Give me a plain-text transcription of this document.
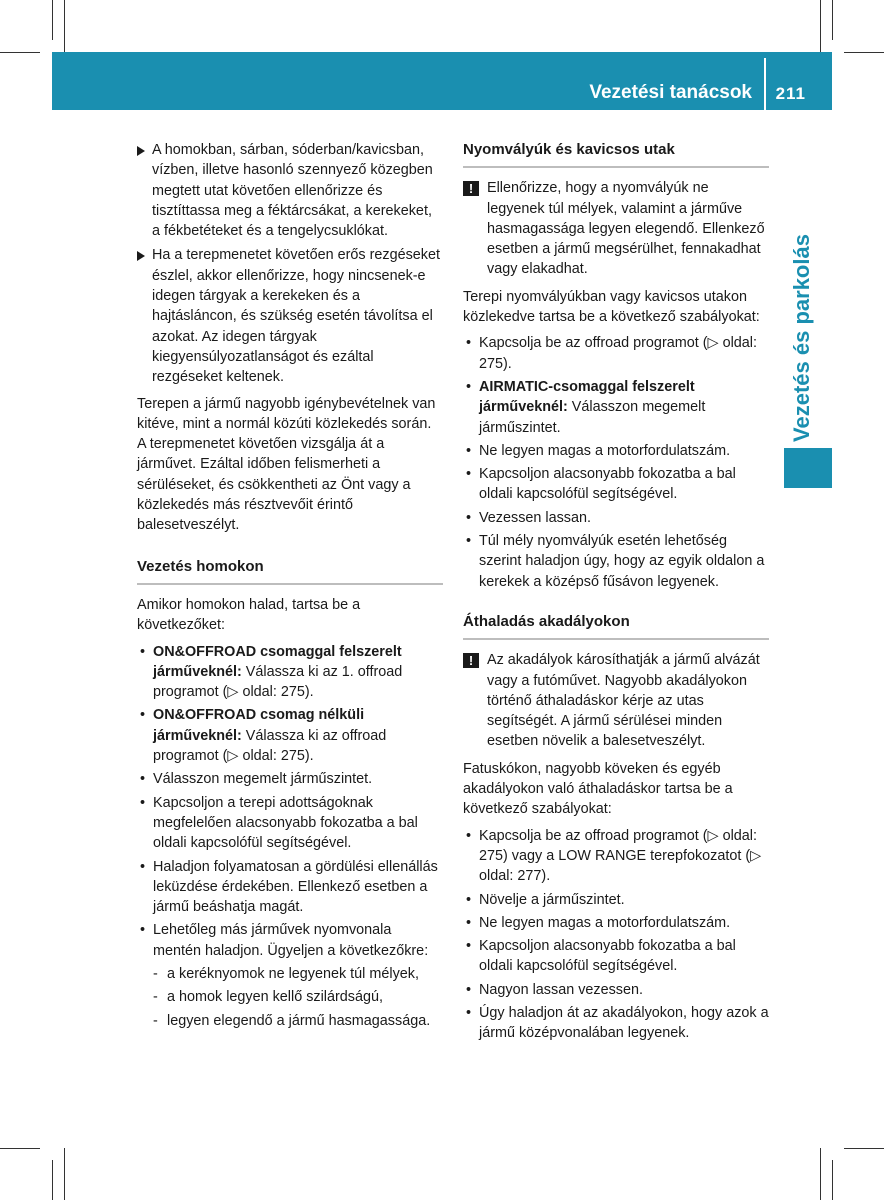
Vezetési tanácsok 211
Vezetés és parkolás

A homokban, sárban, sóderban/kavicsban, vízben, illetve hasonló szennyező közegben megtett utat követően ellenőrizze és tisztíttassa meg a féktárcsákat, a kerekeket, a fékbetéteket és a tengelycsuklókat.

Ha a terepmenetet követően erős rezgéseket észlel, akkor ellenőrizze, hogy nincsenek-e idegen tárgyak a kerekeken és a hajtásláncon, és szükség esetén távolítsa el azokat. Az idegen tárgyak kiegyensúlyozatlanságot és ezáltal rezgéseket keltenek.

Terepen a jármű nagyobb igénybevételnek van kitéve, mint a normál közúti közlekedés során. A terepmenetet követően vizsgálja át a járművet. Ezáltal időben felismerheti a sérüléseket, és csökkentheti az Önt vagy a közlekedés más résztvevőit érintő balesetveszélyt.

Vezetés homokon

Amikor homokon halad, tartsa be a következőket:

• ON&OFFROAD csomaggal felszerelt járműveknél: Válassza ki az 1. offroad programot (▷ oldal: 275).
• ON&OFFROAD csomag nélküli járműveknél: Válassza ki az offroad programot (▷ oldal: 275).
• Válasszon megemelt járműszintet.
• Kapcsoljon a terepi adottságoknak megfelelően alacsonyabb fokozatba a bal oldali kapcsolófül segítségével.
• Haladjon folyamatosan a gördülési ellenállás leküzdése érdekében. Ellenkező esetben a jármű beáshatja magát.
• Lehetőleg más járművek nyomvonala mentén haladjon. Ügyeljen a következőkre:
- a keréknyomok ne legyenek túl mélyek,
- a homok legyen kellő szilárdságú,
- legyen elegendő a jármű hasmagassága.
Nyomvályúk és kavicsos utak
! Ellenőrizze, hogy a nyomvályúk ne legyenek túl mélyek, valamint a járműve hasmagassága legyen elegendő. Ellenkező esetben a jármű megsérülhet, fennakadhat vagy elakadhat.

Terepi nyomvályúkban vagy kavicsos utakon közlekedve tartsa be a következő szabályokat:

• Kapcsolja be az offroad programot (▷ oldal: 275).
• AIRMATIC-csomaggal felszerelt járműveknél: Válasszon megemelt járműszintet.
• Ne legyen magas a motorfordulatszám.
• Kapcsoljon alacsonyabb fokozatba a bal oldali kapcsolófül segítségével.
• Vezessen lassan.
• Túl mély nyomvályúk esetén lehetőség szerint haladjon úgy, hogy az egyik oldalon a kerekek a középső fűsávon legyenek.
Áthaladás akadályokon
! Az akadályok károsíthatják a jármű alvázát vagy a futóművet. Nagyobb akadályokon történő áthaladáskor kérje az utas segítségét. A jármű sérülései minden esetben növelik a balesetveszélyt.

Fatuskókon, nagyobb köveken és egyéb akadályokon való áthaladáskor tartsa be a következő szabályokat:

• Kapcsolja be az offroad programot (▷ oldal: 275) vagy a LOW RANGE terepfokozatot (▷ oldal: 277).
• Növelje a járműszintet.
• Ne legyen magas a motorfordulatszám.
• Kapcsoljon alacsonyabb fokozatba a bal oldali kapcsolófül segítségével.
• Nagyon lassan vezessen.
• Úgy haladjon át az akadályokon, hogy azok a jármű középvonalában legyenek.
